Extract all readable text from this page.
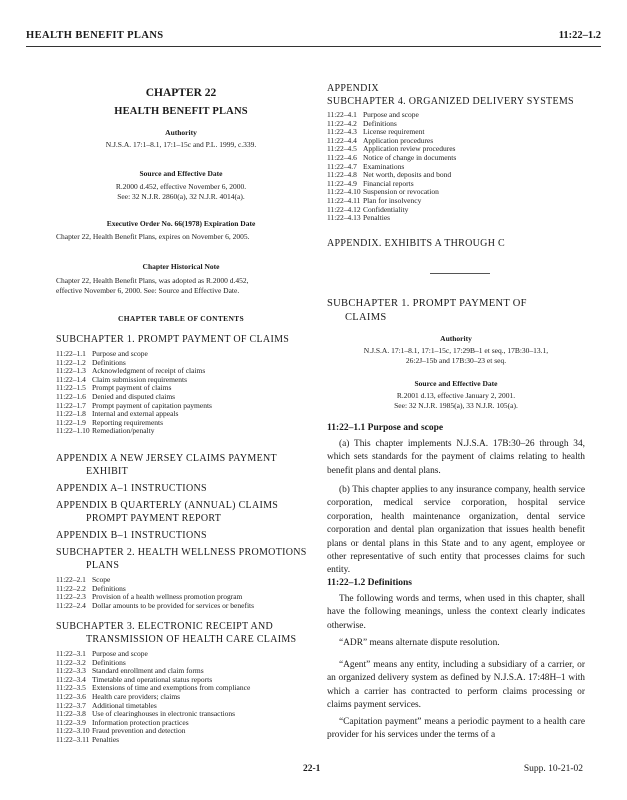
HEALTH BENEFIT PLANS	11:22–1.2
CHAPTER 22
HEALTH BENEFIT PLANS
Authority
N.J.S.A. 17:1–8.1, 17:1–15c and P.L. 1999, c.339.
Source and Effective Date
R.2000 d.452, effective November 6, 2000.
See: 32 N.J.R. 2860(a), 32 N.J.R. 4014(a).
Executive Order No. 66(1978) Expiration Date
Chapter 22, Health Benefit Plans, expires on November 6, 2005.
Chapter Historical Note
Chapter 22, Health Benefit Plans, was adopted as R.2000 d.452,
effective November 6, 2000. See: Source and Effective Date.
CHAPTER TABLE OF CONTENTS
SUBCHAPTER 1. PROMPT PAYMENT OF CLAIMS
11:22–1.1 Purpose and scope
11:22–1.2 Definitions
11:22–1.3 Acknowledgment of receipt of claims
11:22–1.4 Claim submission requirements
11:22–1.5 Prompt payment of claims
11:22–1.6 Denied and disputed claims
11:22–1.7 Prompt payment of capitation payments
11:22–1.8 Internal and external appeals
11:22–1.9 Reporting requirements
11:22–1.10 Remediation/penalty
APPENDIX A NEW JERSEY CLAIMS PAYMENT
EXHIBIT
APPENDIX A–1 INSTRUCTIONS
APPENDIX B QUARTERLY (ANNUAL) CLAIMS
PROMPT PAYMENT REPORT
APPENDIX B–1 INSTRUCTIONS
SUBCHAPTER 2. HEALTH WELLNESS PROMOTIONS
PLANS
11:22–2.1 Scope
11:22–2.2 Definitions
11:22–2.3 Provision of a health wellness promotion program
11:22–2.4 Dollar amounts to be provided for services or benefits
SUBCHAPTER 3. ELECTRONIC RECEIPT AND
TRANSMISSION OF HEALTH CARE CLAIMS
11:22–3.1 Purpose and scope
11:22–3.2 Definitions
11:22–3.3 Standard enrollment and claim forms
11:22–3.4 Timetable and operational status reports
11:22–3.5 Extensions of time and exemptions from compliance
11:22–3.6 Health care providers; claims
11:22–3.7 Additional timetables
11:22–3.8 Use of clearinghouses in electronic transactions
11:22–3.9 Information protection practices
11:22–3.10 Fraud prevention and detection
11:22–3.11 Penalties
APPENDIX
SUBCHAPTER 4. ORGANIZED DELIVERY SYSTEMS
11:22–4.1 Purpose and scope
11:22–4.2 Definitions
11:22–4.3 License requirement
11:22–4.4 Application procedures
11:22–4.5 Application review procedures
11:22–4.6 Notice of change in documents
11:22–4.7 Examinations
11:22–4.8 Net worth, deposits and bond
11:22–4.9 Financial reports
11:22–4.10 Suspension or revocation
11:22–4.11 Plan for insolvency
11:22–4.12 Confidentiality
11:22–4.13 Penalties
APPENDIX. EXHIBITS A THROUGH C
SUBCHAPTER 1. PROMPT PAYMENT OF
CLAIMS
Authority
N.J.S.A. 17:1–8.1, 17:1–15c, 17:29B–1 et seq., 17B:30–13.1,
26:2J–15b and 17B:30–23 et seq.
Source and Effective Date
R.2001 d.13, effective January 2, 2001.
See: 32 N.J.R. 1985(a), 33 N.J.R. 105(a).
11:22–1.1 Purpose and scope
(a) This chapter implements N.J.S.A. 17B:30–26 through 34, which sets standards for the payment of claims relating to health benefit plans and dental plans.
(b) This chapter applies to any insurance company, health service corporation, medical service corporation, hospital service corporation, health maintenance organization, dental service corporation and dental plan organization that issues health benefit plans or dental plans in this State and to any agent, employee or other representative of such entity that processes claims for such entity.
11:22–1.2 Definitions
The following words and terms, when used in this chapter, shall have the following meanings, unless the context clearly indicates otherwise.
“ADR” means alternate dispute resolution.
“Agent” means any entity, including a subsidiary of a carrier, or an organized delivery system as defined by N.J.S.A. 17:48H–1 with which a carrier has contracted to perform claims processing or claims payment services.
“Capitation payment” means a periodic payment to a health care provider for his services under the terms of a
22-1	Supp. 10-21-02
